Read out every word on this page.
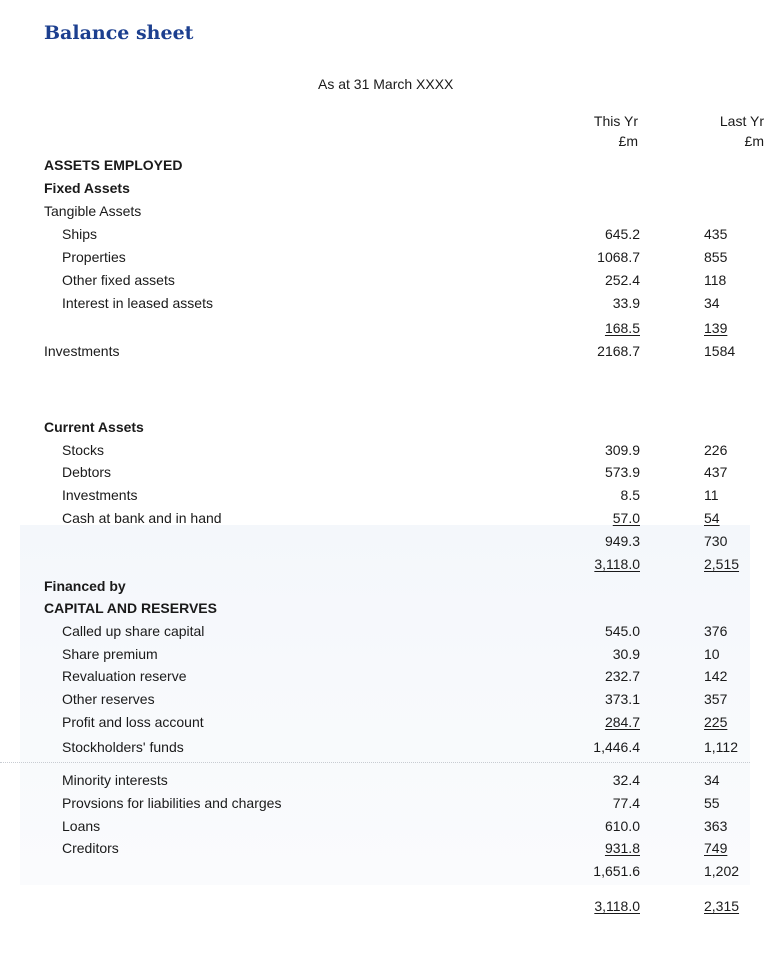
Balance sheet
As at 31 March XXXX
This Yr
£m
Last Yr
£m
ASSETS EMPLOYED
Fixed Assets
Tangible Assets
Ships	645.2	435
Properties	1068.7	855
Other fixed assets	252.4	118
Interest in leased assets	33.9	34
168.5	139
Investments	2168.7	1584
Current Assets
Stocks	309.9	226
Debtors	573.9	437
Investments	8.5	11
Cash at bank and in hand	57.0	54
949.3	730
3,118.0	2,515
Financed by
CAPITAL AND RESERVES
Called up share capital	545.0	376
Share premium	30.9	10
Revaluation reserve	232.7	142
Other reserves	373.1	357
Profit and loss account	284.7	225
Stockholders' funds	1,446.4	1,112
Minority interests	32.4	34
Provsions for liabilities and charges	77.4	55
Loans	610.0	363
Creditors	931.8	749
1,651.6	1,202
3,118.0	2,315
